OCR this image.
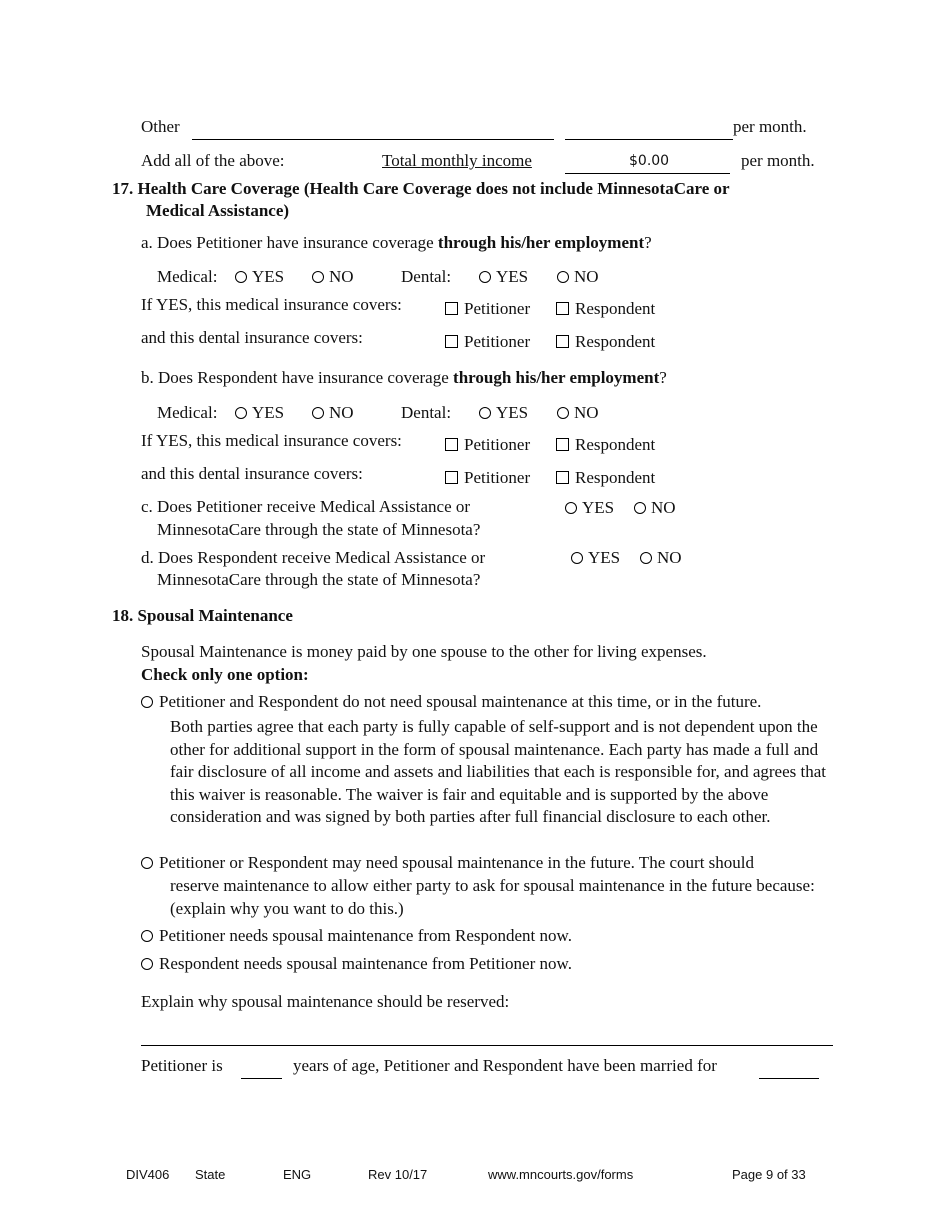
Other	per month.
Add all of the above:	Total monthly income	$0.00	per month.
17. Health Care Coverage (Health Care Coverage does not include MinnesotaCare or
Medical Assistance)
a. Does Petitioner have insurance coverage through his/her employment?
Medical:	YES	NO	Dental:	YES	NO
If YES, this medical insurance covers:	Petitioner	Respondent
and this dental insurance covers:	Petitioner	Respondent
b. Does Respondent have insurance coverage through his/her employment?
Medical:	YES	NO	Dental:	YES	NO
If YES, this medical insurance covers:	Petitioner	Respondent
and this dental insurance covers:	Petitioner	Respondent
c. Does Petitioner receive Medical Assistance or
MinnesotaCare through the state of Minnesota?
YES	NO
d. Does Respondent receive Medical Assistance or
MinnesotaCare through the state of Minnesota?
YES	NO
18. Spousal Maintenance
Spousal Maintenance is money paid by one spouse to the other for living expenses.
Check only one option:
Petitioner and Respondent do not need spousal maintenance at this time, or in the future.
Both parties agree that each party is fully capable of self-support and is not dependent upon the other for additional support in the form of spousal maintenance. Each party has made a full and fair disclosure of all income and assets and liabilities that each is responsible for, and agrees that this waiver is reasonable. The waiver is fair and equitable and is supported by the above consideration and was signed by both parties after full financial disclosure to each other.
Petitioner or Respondent may need spousal maintenance in the future. The court should
reserve maintenance to allow either party to ask for spousal maintenance in the future because: (explain why you want to do this.)
Petitioner needs spousal maintenance from Respondent now.
Respondent needs spousal maintenance from Petitioner now.
Explain why spousal maintenance should be reserved:
Petitioner is	years of age, Petitioner and Respondent have been married for
DIV406 State	ENG	Rev 10/17	www.mncourts.gov/forms	Page 9 of 33
